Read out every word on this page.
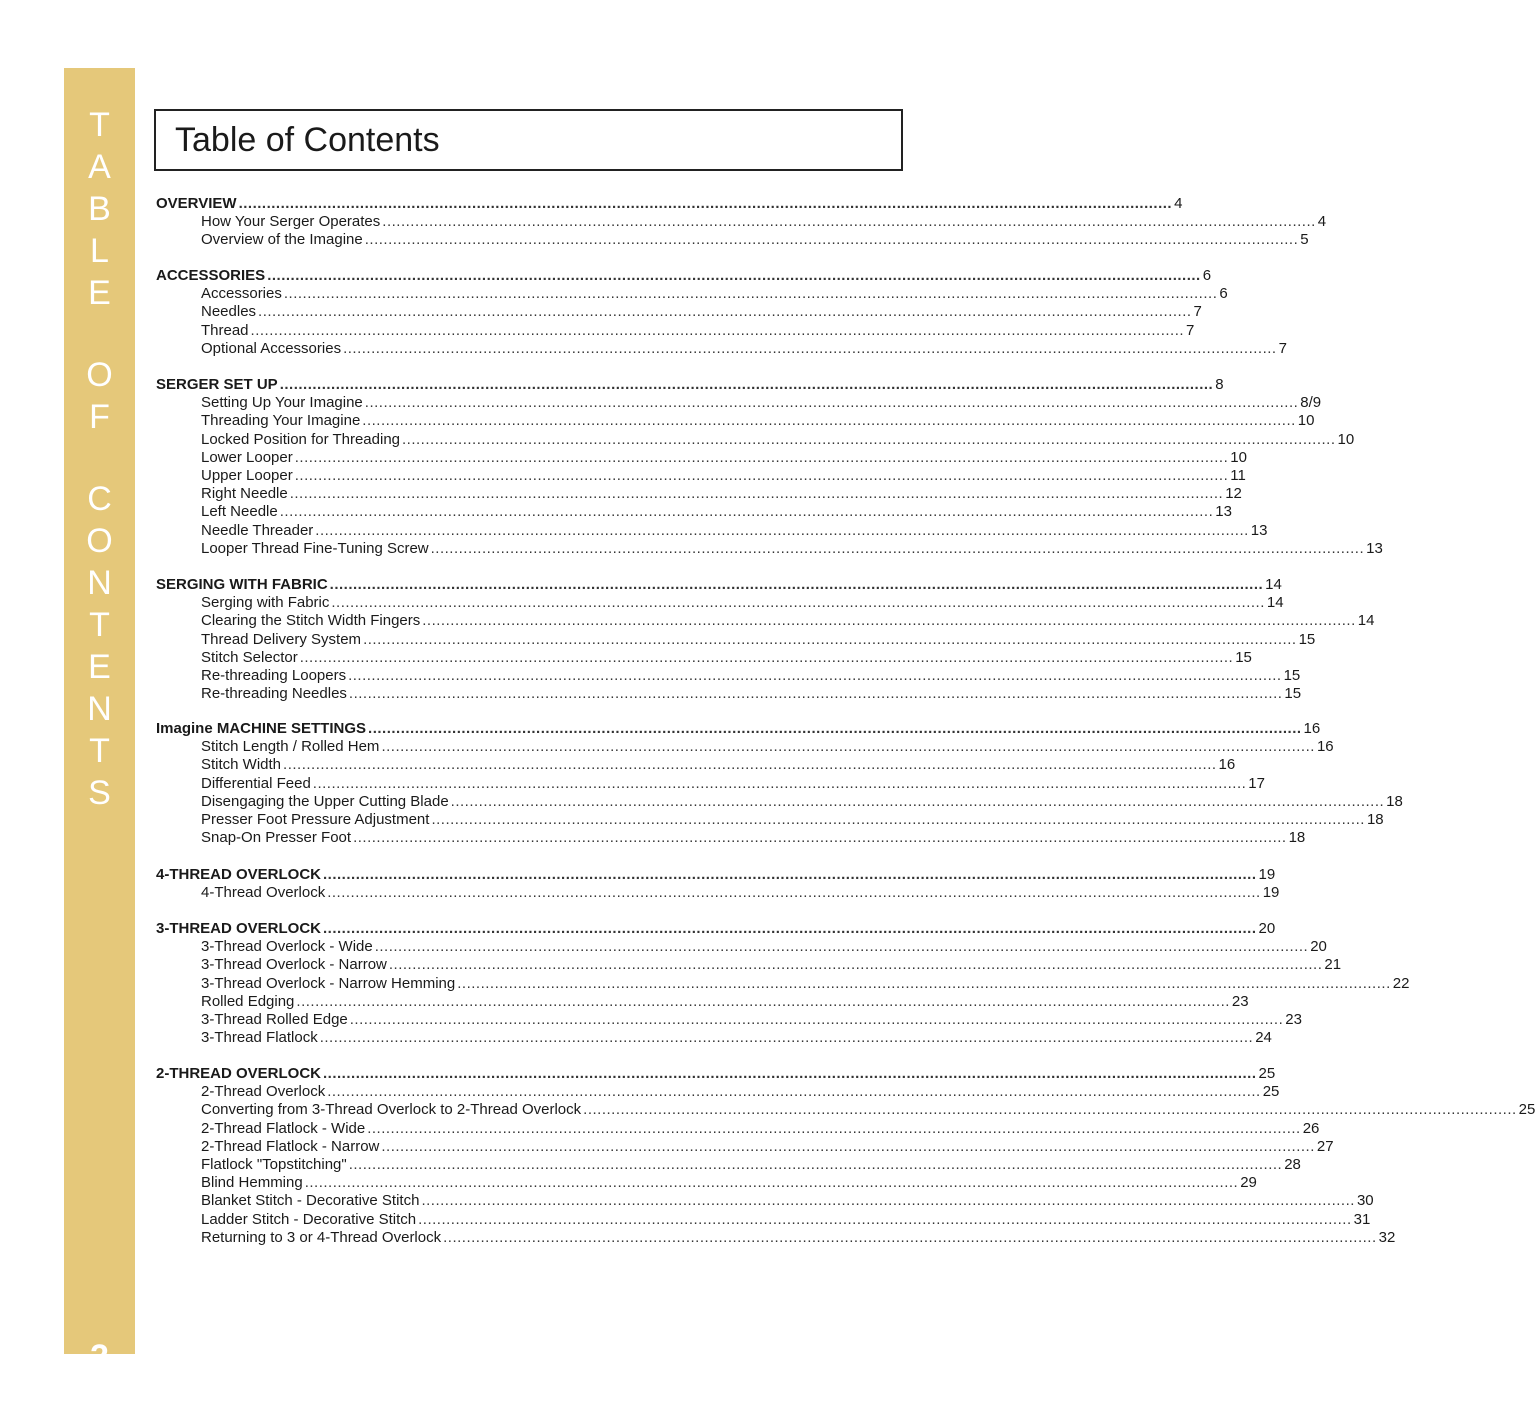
T
A
B
L
E
O
F
C
O
N
T
E
N
T
S
2
Table of Contents
OVERVIEW ........................................................................................................................................................................................................ 4
How Your Serger Operates ........................................................................................................................................................................................................ 4
Overview of the Imagine ........................................................................................................................................................................................................ 5
ACCESSORIES ........................................................................................................................................................................................................ 6
Accessories ........................................................................................................................................................................................................ 6
Needles ........................................................................................................................................................................................................ 7
Thread ........................................................................................................................................................................................................ 7
Optional Accessories ........................................................................................................................................................................................................ 7
SERGER SET UP ........................................................................................................................................................................................................ 8
Setting Up Your Imagine ........................................................................................................................................................................................................ 8/9
Threading Your Imagine ........................................................................................................................................................................................................ 10
Locked Position for Threading ........................................................................................................................................................................................................ 10
Lower Looper ........................................................................................................................................................................................................ 10
Upper Looper ........................................................................................................................................................................................................ 11
Right Needle ........................................................................................................................................................................................................ 12
Left Needle ........................................................................................................................................................................................................ 13
Needle Threader ........................................................................................................................................................................................................ 13
Looper Thread Fine-Tuning Screw ........................................................................................................................................................................................................ 13
SERGING WITH FABRIC ........................................................................................................................................................................................................ 14
Serging with Fabric ........................................................................................................................................................................................................ 14
Clearing the Stitch Width Fingers ........................................................................................................................................................................................................ 14
Thread Delivery System ........................................................................................................................................................................................................ 15
Stitch Selector ........................................................................................................................................................................................................ 15
Re-threading Loopers ........................................................................................................................................................................................................ 15
Re-threading Needles ........................................................................................................................................................................................................ 15
Imagine MACHINE SETTINGS ........................................................................................................................................................................................................ 16
Stitch Length / Rolled Hem ........................................................................................................................................................................................................ 16
Stitch Width ........................................................................................................................................................................................................ 16
Differential Feed ........................................................................................................................................................................................................ 17
Disengaging the Upper Cutting Blade ........................................................................................................................................................................................................ 18
Presser Foot Pressure Adjustment ........................................................................................................................................................................................................ 18
Snap-On Presser Foot ........................................................................................................................................................................................................ 18
4-THREAD OVERLOCK ........................................................................................................................................................................................................ 19
4-Thread Overlock ........................................................................................................................................................................................................ 19
3-THREAD OVERLOCK ........................................................................................................................................................................................................ 20
3-Thread Overlock - Wide ........................................................................................................................................................................................................ 20
3-Thread Overlock - Narrow ........................................................................................................................................................................................................ 21
3-Thread Overlock - Narrow Hemming ........................................................................................................................................................................................................ 22
Rolled Edging ........................................................................................................................................................................................................ 23
3-Thread Rolled Edge ........................................................................................................................................................................................................ 23
3-Thread Flatlock ........................................................................................................................................................................................................ 24
2-THREAD OVERLOCK ........................................................................................................................................................................................................ 25
2-Thread Overlock ........................................................................................................................................................................................................ 25
Converting from 3-Thread Overlock to 2-Thread Overlock ........................................................................................................................................................................................................ 25
2-Thread Flatlock - Wide ........................................................................................................................................................................................................ 26
2-Thread Flatlock - Narrow ........................................................................................................................................................................................................ 27
Flatlock "Topstitching" ........................................................................................................................................................................................................ 28
Blind Hemming ........................................................................................................................................................................................................ 29
Blanket Stitch - Decorative Stitch ........................................................................................................................................................................................................ 30
Ladder Stitch - Decorative Stitch ........................................................................................................................................................................................................ 31
Returning to 3 or 4-Thread Overlock ........................................................................................................................................................................................................ 32
